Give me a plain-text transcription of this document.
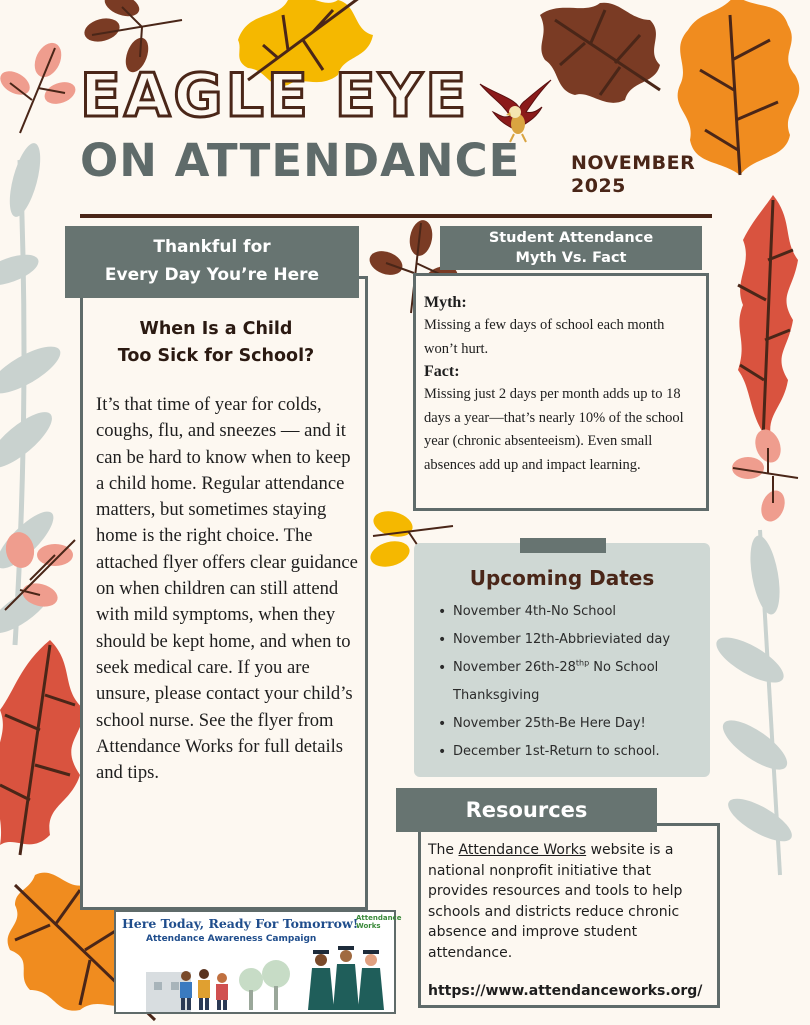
EAGLE EYE
ON ATTENDANCE	NOVEMBER
2025
Thankful for
Every Day You’re Here
When Is a Child
Too Sick for School?
It’s that time of year for colds, coughs, flu, and sneezes — and it can be hard to know when to keep a child home. Regular attendance matters, but sometimes staying home is the right choice. The attached flyer offers clear guidance on when children can still attend with mild symptoms, when they should be kept home, and when to seek medical care. If you are unsure, please contact your child’s school nurse. See the flyer from Attendance Works for full details and tips.
Myth:
Missing a few days of school each month won’t hurt.
Fact:
Missing just 2 days per month adds up to 18 days a year—that’s nearly 10% of the school year (chronic absenteeism). Even small absences add up and impact learning.
Student Attendance
Myth Vs. Fact
Upcoming Dates
• November 4th-No School
• November 12th-Abbrieviated day
• November $26th-28^{thp}$ No School Thanksgiving
• November 25th-Be Here Day!
• December 1st-Return to school.
Resources
The Attendance Works website is a national nonprofit initiative that provides resources and tools to help schools and districts reduce chronic absence and improve student attendance.
https://www.attendanceworks.org/
Here Today, Ready For Tomorrow!
Attendance Awareness Campaign
Attendance
Works
